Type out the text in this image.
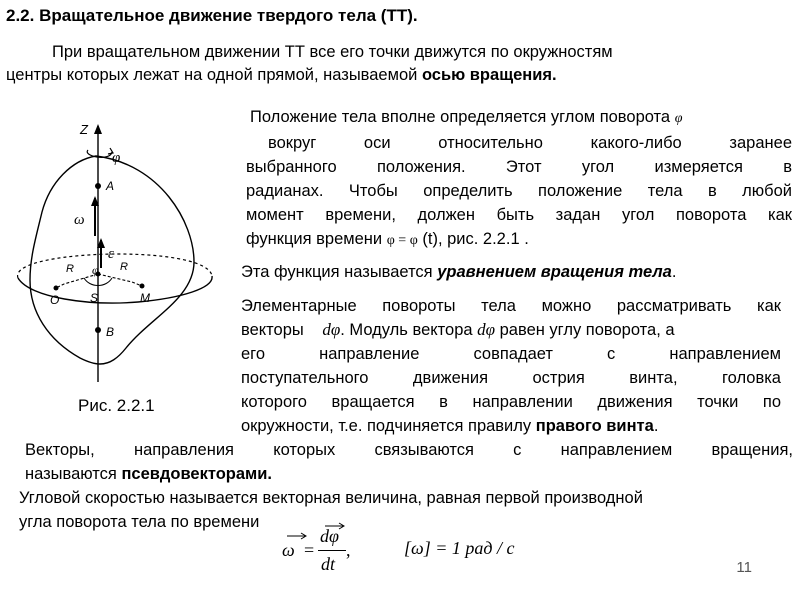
2.2. Вращательное движение твердого тела (ТТ).
При вращательном движении ТТ все его точки движутся по окружностям
центры которых лежат на одной прямой, называемой осью вращения.
Положение тела вполне определяется углом поворота φ
вокруг оси относительно какого-либо заранее
выбранного положения. Этот угол измеряется в
радианах. Чтобы определить положение тела в любой
момент времени, должен быть задан угол поворота как
функция времени φ = φ (t), рис. 2.2.1 .
Эта функция называется уравнением вращения тела.
Элементарные повороты тела можно рассматривать как
векторы dφ. Модуль вектора dφ равен углу поворота, а
его направление совпадает с направлением
поступательного движения острия винта, головка
которого вращается в направлении движения точки по
окружности, т.е. подчиняется правилу правого винта.
Векторы, направления которых связываются с направлением вращения,
называются псевдовекторами.
Угловой скоростью называется векторная величина, равная первой производной
угла поворота тела по времени
ω =
dφ
dt
,	[ω] = 1 рад / с
Z
φ
A
ω
ε
R	R
φ
O	S	M
B
Рис. 2.2.1
11
